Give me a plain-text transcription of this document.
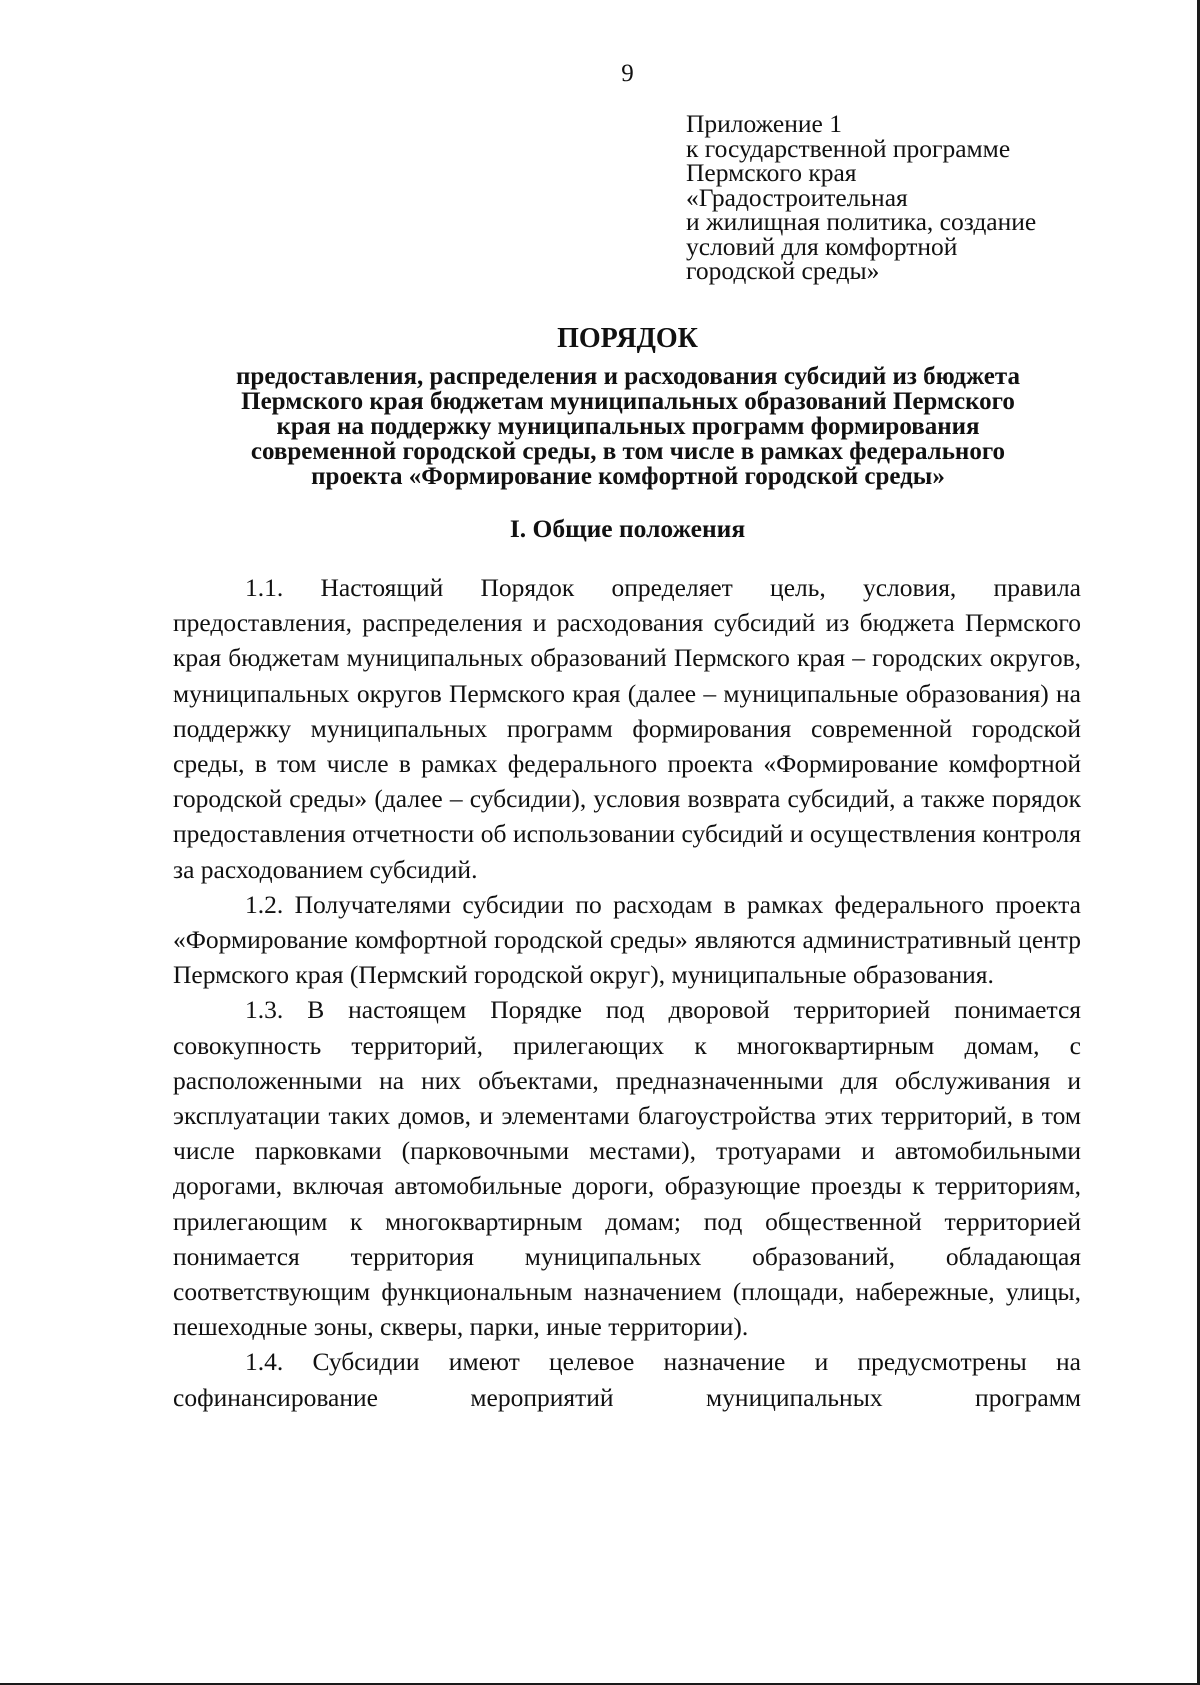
9
Приложение 1
к государственной программе
Пермского края
«Градостроительная
и жилищная политика, создание
условий для комфортной
городской среды»
ПОРЯДОК
предоставления, распределения и расходования субсидий из бюджета
Пермского края бюджетам муниципальных образований Пермского
края на поддержку муниципальных программ формирования
современной городской среды, в том числе в рамках федерального
проекта «Формирование комфортной городской среды»
I. Общие положения

1.1. Настоящий Порядок определяет цель, условия, правила предоставления, распределения и расходования субсидий из бюджета Пермского края бюджетам муниципальных образований Пермского края – городских округов, муниципальных округов Пермского края (далее – муниципальные образования) на поддержку муниципальных программ формирования современной городской среды, в том числе в рамках федерального проекта «Формирование комфортной городской среды» (далее – субсидии), условия возврата субсидий, а также порядок предоставления отчетности об использовании субсидий и осуществления контроля за расходованием субсидий.

1.2. Получателями субсидии по расходам в рамках федерального проекта «Формирование комфортной городской среды» являются административный центр Пермского края (Пермский городской округ), муниципальные образования.

1.3. В настоящем Порядке под дворовой территорией понимается совокупность территорий, прилегающих к многоквартирным домам, с расположенными на них объектами, предназначенными для обслуживания и эксплуатации таких домов, и элементами благоустройства этих территорий, в том числе парковками (парковочными местами), тротуарами и автомобильными дорогами, включая автомобильные дороги, образующие проезды к территориям, прилегающим к многоквартирным домам; под общественной территорией понимается территория муниципальных образований, обладающая соответствующим функциональным назначением (площади, набережные, улицы, пешеходные зоны, скверы, парки, иные территории).

1.4. Субсидии имеют целевое назначение и предусмотрены на софинансирование мероприятий муниципальных программ
